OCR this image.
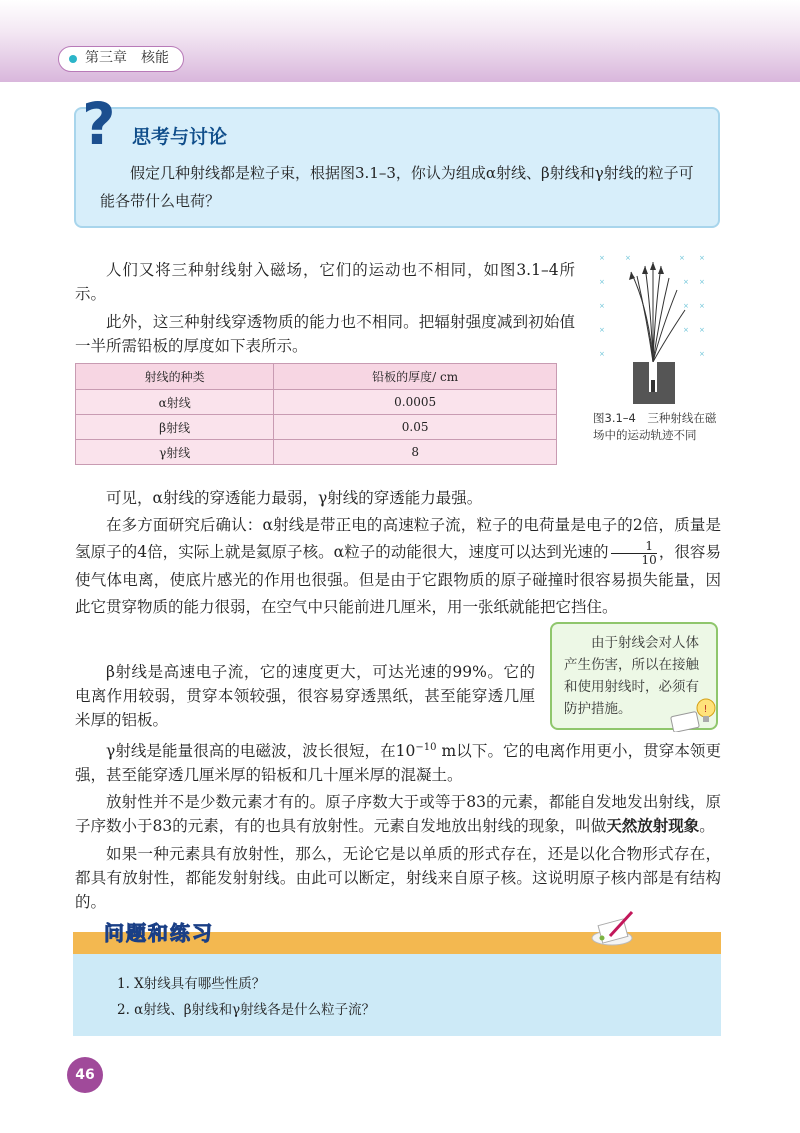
第三章　核能
? 思考与讨论
假定几种射线都是粒子束，根据图3.1–3，你认为组成α射线、β射线和γ射线的粒子可能各带什么电荷？
人们又将三种射线射入磁场，它们的运动也不相同，如图3.1–4所示。
此外，这三种射线穿透物质的能力也不相同。把辐射强度减到初始值一半所需铅板的厚度如下表所示。
射线的种类	铅板的厚度/ cm
α射线	0.0005
β射线	0.05
γ射线	8
×	×	× ×
×	× ×
×	× ×
×	× ×
×	×
图3.1–4　三种射线在磁场中的运动轨迹不同
可见，α射线的穿透能力最弱，γ射线的穿透能力最强。
在多方面研究后确认：α射线是带正电的高速粒子流，粒子的电荷量是电子的2倍，质量是氢原子的4倍，实际上就是氦原子核。α粒子的动能很大，速度可以达到光速的 $\frac{1}{10}$ ，很容易使气体电离，使底片感光的作用也很强。但是由于它跟物质的原子碰撞时很容易损失能量，因此它贯穿物质的能力很弱，在空气中只能前进几厘米，用一张纸就能把它挡住。
β射线是高速电子流，它的速度更大，可达光速的99%。它的电离作用较弱，贯穿本领较强，很容易穿透黑纸，甚至能穿透几厘米厚的铝板。
γ射线是能量很高的电磁波，波长很短，在$10^{-10}$ m以下。它的电离作用更小，贯穿本领更强，甚至能穿透几厘米厚的铅板和几十厘米厚的混凝土。
放射性并不是少数元素才有的。原子序数大于或等于83的元素，都能自发地发出射线，原子序数小于83的元素，有的也具有放射性。元素自发地放出射线的现象，叫做天然放射现象。
如果一种元素具有放射性，那么，无论它是以单质的形式存在，还是以化合物形式存在，都具有放射性，都能发射射线。由此可以断定，射线来自原子核。这说明原子核内部是有结构的。
由于射线会对人体产生伤害，所以在接触和使用射线时，必须有防护措施。	!
问题和练习
1. X射线具有哪些性质？
2. α射线、β射线和γ射线各是什么粒子流？
46
